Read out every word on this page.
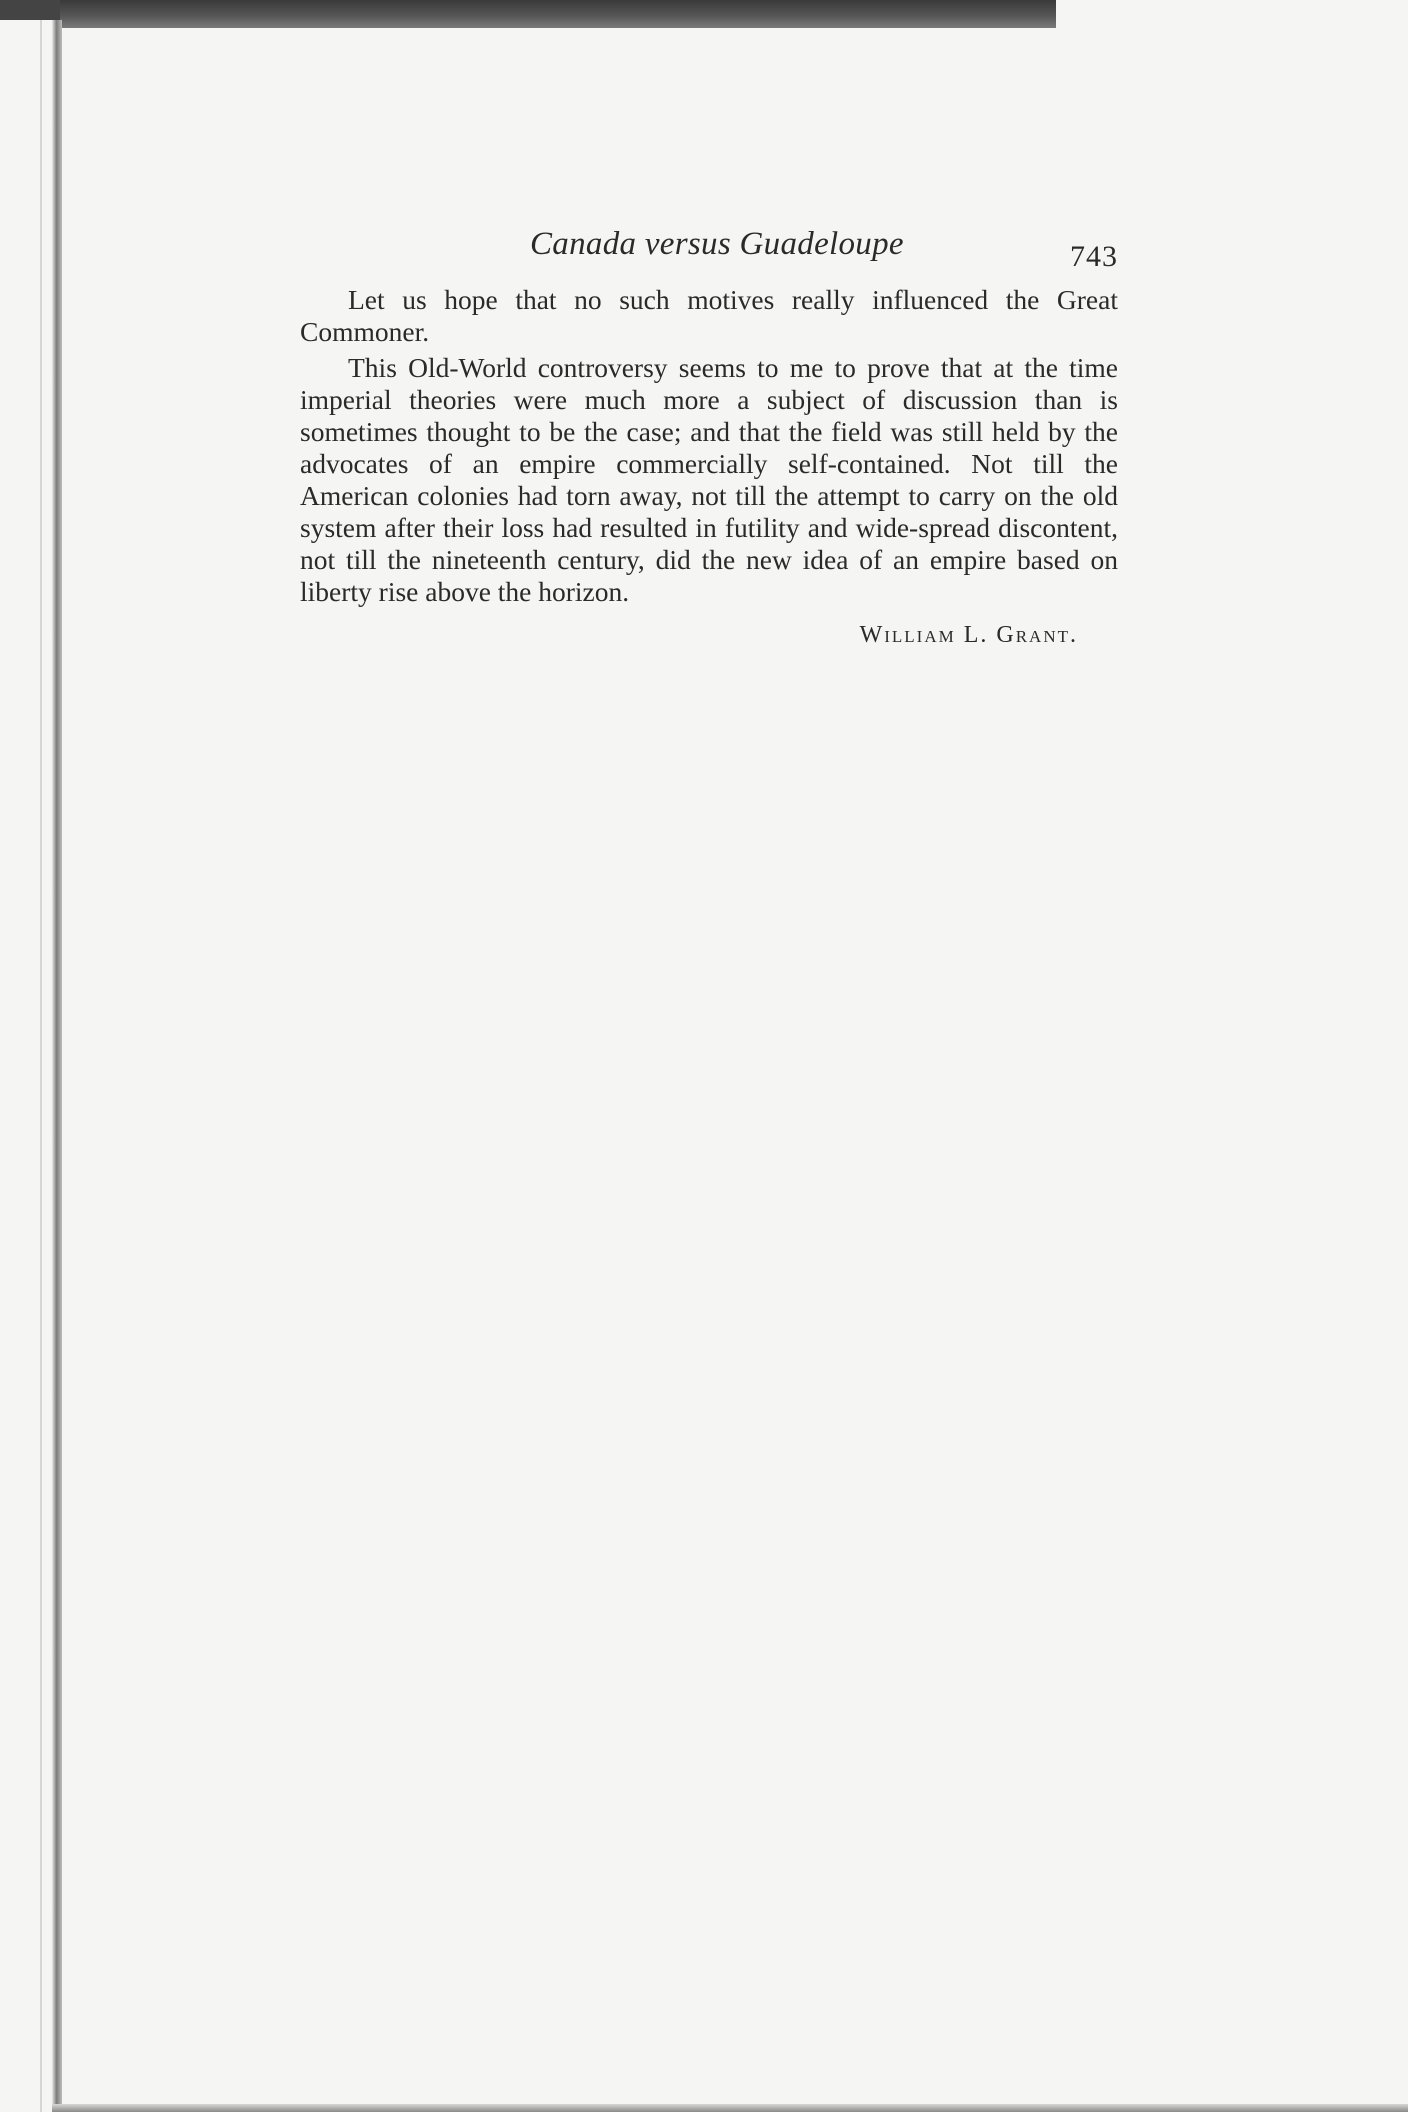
Canada versus Guadeloupe	743

Let us hope that no such motives really influenced the Great Commoner.

This Old-World controversy seems to me to prove that at the time imperial theories were much more a subject of discussion than is sometimes thought to be the case; and that the field was still held by the advocates of an empire commercially self-contained. Not till the American colonies had torn away, not till the attempt to carry on the old system after their loss had resulted in futility and wide-spread discontent, not till the nineteenth century, did the new idea of an empire based on liberty rise above the horizon.

William L. Grant.
